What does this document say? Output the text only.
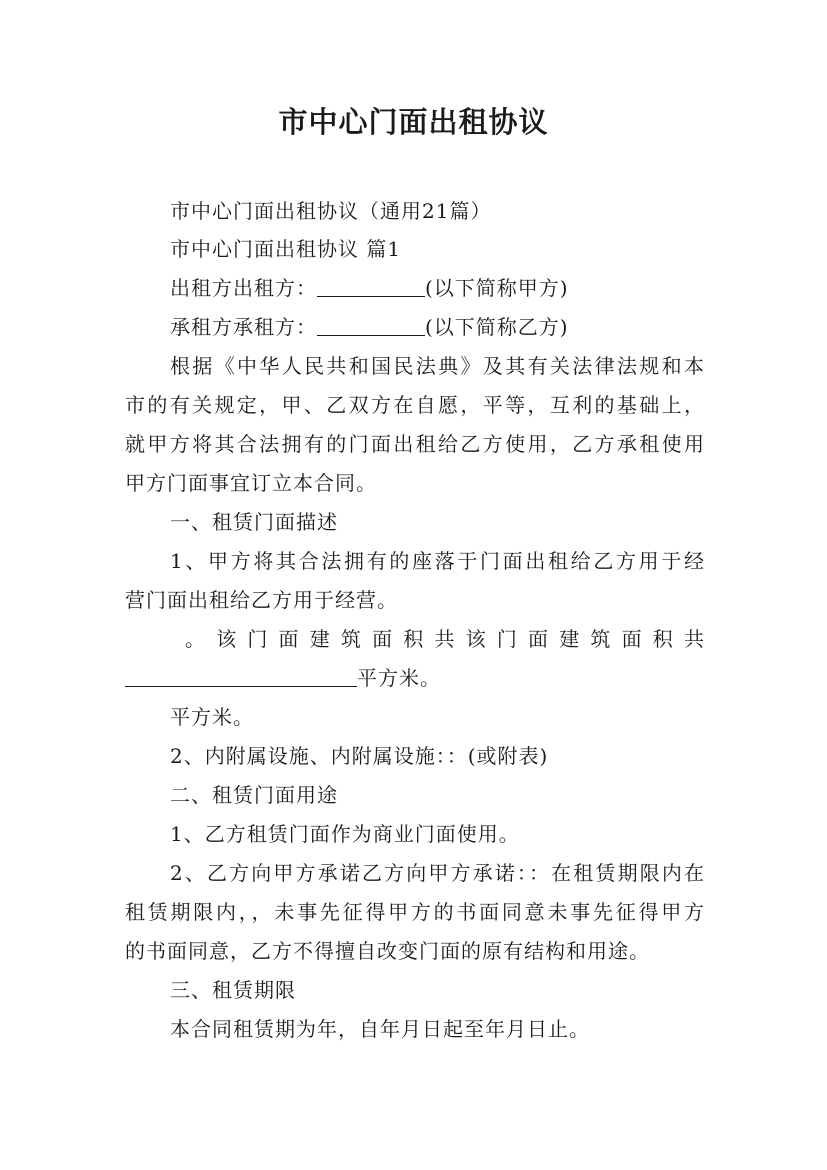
市中心门面出租协议
市中心门面出租协议（通用21篇）
市中心门面出租协议 篇1
出租方出租方：	(以下简称甲方)
承租方承租方：	(以下简称乙方)
根据《中华人民共和国民法典》及其有关法律法规和本
市的有关规定，甲、乙双方在自愿，平等，互利的基础上，
就甲方将其合法拥有的门面出租给乙方使用，乙方承租使用
甲方门面事宜订立本合同。
一、租赁门面描述
1、甲方将其合法拥有的座落于门面出租给乙方用于经
营门面出租给乙方用于经营。
。该门面建筑面积共该门面建筑面积共
平方米。
平方米。
2、内附属设施、内附属设施：：(或附表)
二、租赁门面用途
1、乙方租赁门面作为商业门面使用。
2、乙方向甲方承诺乙方向甲方承诺：：在租赁期限内在
租赁期限内，，未事先征得甲方的书面同意未事先征得甲方
的书面同意，乙方不得擅自改变门面的原有结构和用途。
三、租赁期限
本合同租赁期为年，自年月日起至年月日止。
